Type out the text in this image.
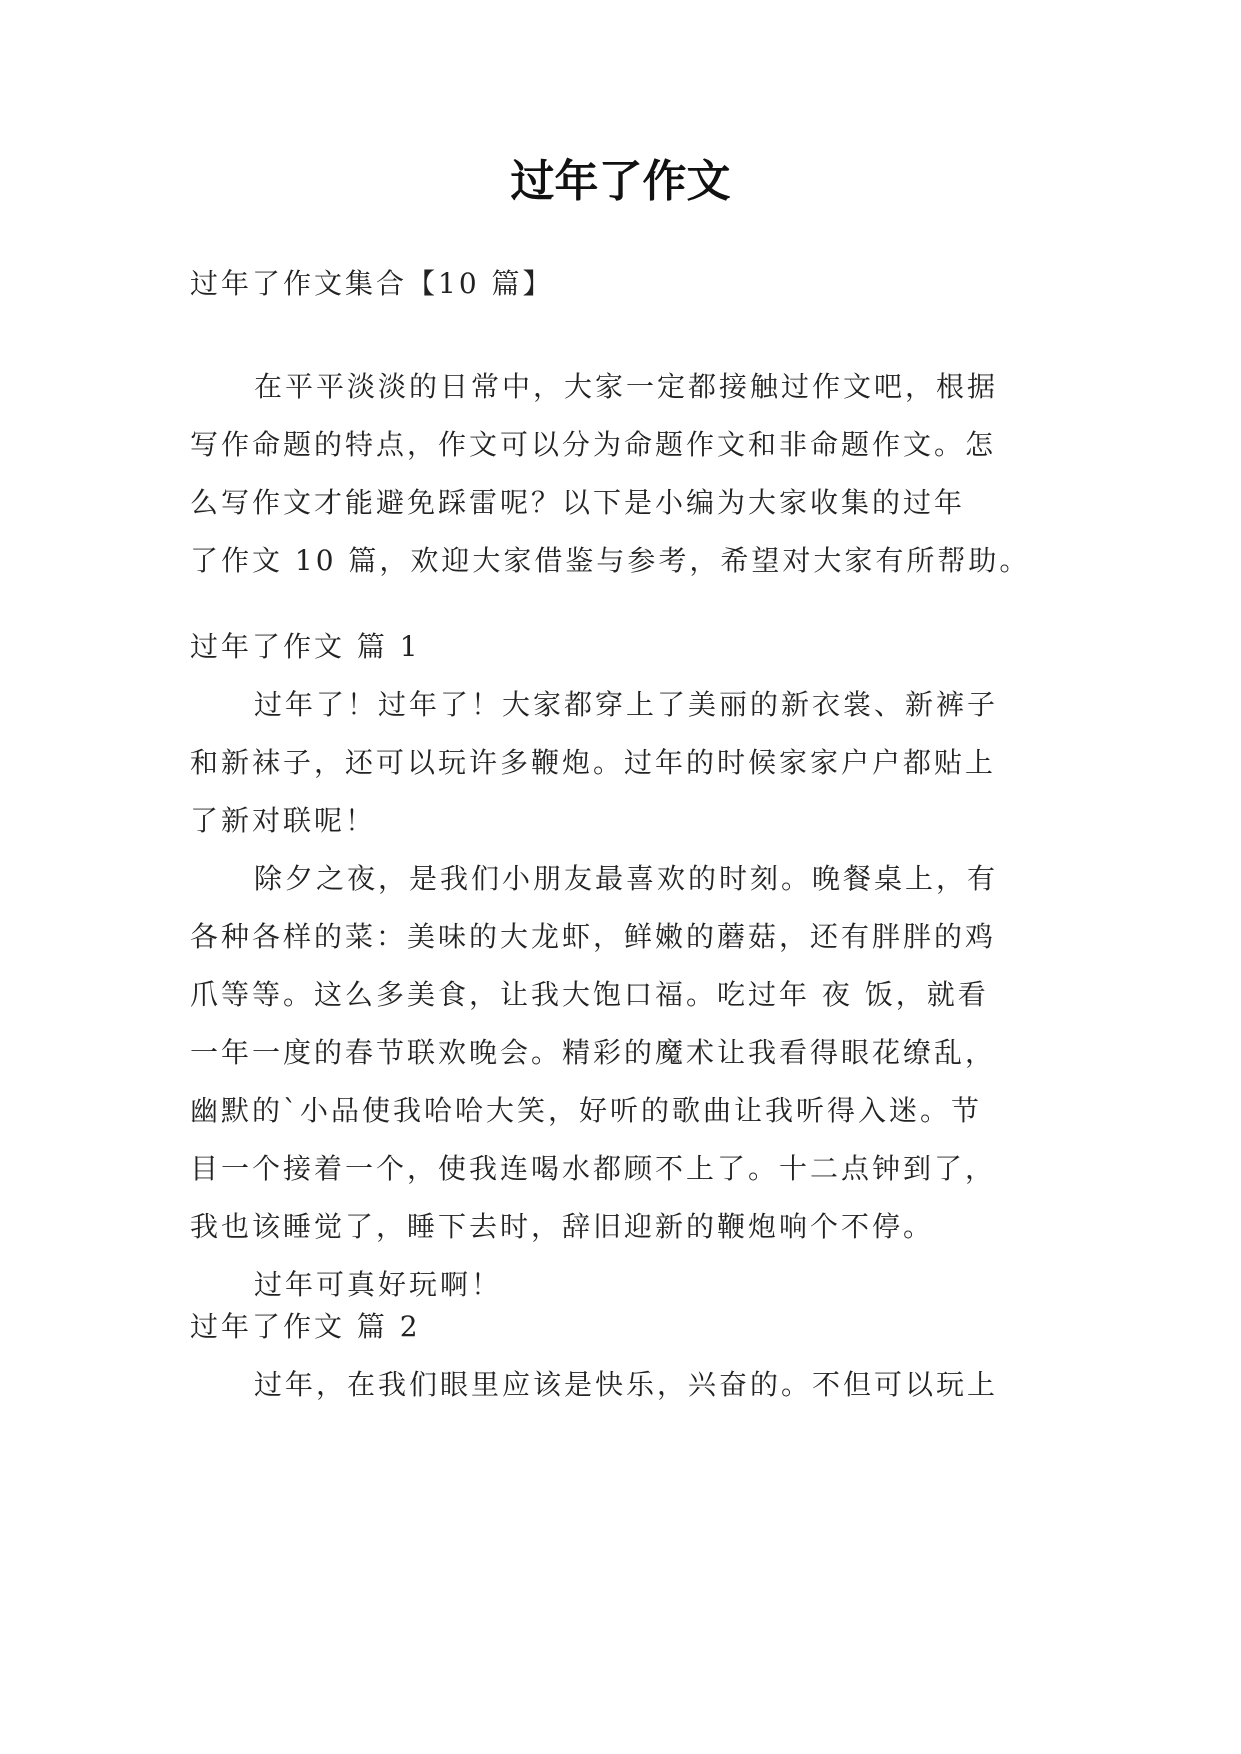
过年了作文
过年了作文集合【10 篇】
在平平淡淡的日常中，大家一定都接触过作文吧，根据
写作命题的特点，作文可以分为命题作文和非命题作文。怎
么写作文才能避免踩雷呢？以下是小编为大家收集的过年
了作文 10 篇，欢迎大家借鉴与参考，希望对大家有所帮助。
过年了作文 篇 1
过年了！过年了！大家都穿上了美丽的新衣裳、新裤子
和新袜子，还可以玩许多鞭炮。过年的时候家家户户都贴上
了新对联呢！
除夕之夜，是我们小朋友最喜欢的时刻。晚餐桌上，有
各种各样的菜：美味的大龙虾，鲜嫩的蘑菇，还有胖胖的鸡
爪等等。这么多美食，让我大饱口福。吃过年 夜 饭，就看
一年一度的春节联欢晚会。精彩的魔术让我看得眼花缭乱，
幽默的`小品使我哈哈大笑，好听的歌曲让我听得入迷。节
目一个接着一个，使我连喝水都顾不上了。十二点钟到了，
我也该睡觉了，睡下去时，辞旧迎新的鞭炮响个不停。
过年可真好玩啊！
过年了作文 篇 2
过年，在我们眼里应该是快乐，兴奋的。不但可以玩上
